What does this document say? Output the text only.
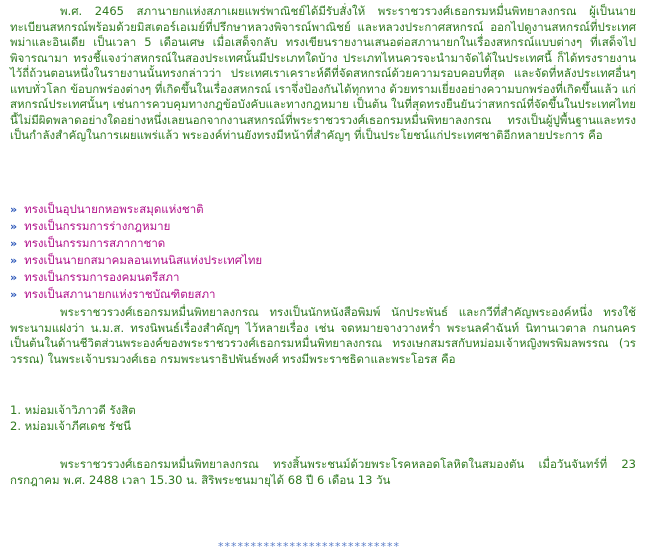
พ.ศ. 2465 สภานายกแห่งสภาเผยแพร่พาณิชย์ได้มีรับสั่งให้ พระราชวรวงศ์เธอกรมหมื่นพิทยาลงกรณ ผู้เป็นนายทะเบียนสหกรณ์พร้อมด้วยมิสเตอร์เอเมย์ที่ปรึกษาหลวงพิจารณ์พาณิชย์ และหลวงประกาศสหกรณ์ ออกไปดูงานสหกรณ์ที่ประเทศพม่าและอินเดีย เป็นเวลา 5 เดือนเศษ เมื่อเสด็จกลับ ทรงเขียนรายงานเสนอต่อสภานายกในเรื่องสหกรณ์แบบต่างๆ ที่เสด็จไปพิจารณามา ทรงชี้แจงว่าสหกรณ์ในสองประเทศนั้นมีประเภทใดบ้าง ประเภทไหนควรจะนำมาจัดได้ในประเทศนี้ ก็ได้ทรงรายงานไว้ถี่ถ้วนตอนหนึ่งในรายงานนั้นทรงกล่าวว่า ประเทศเราเคราะห์ดีที่จัดสหกรณ์ด้วยความรอบคอบที่สุด และจัดที่หลังประเทศอื่นๆ แทบทั่วโลก ข้อบกพร่องต่างๆ ที่เกิดขึ้นในเรื่องสหกรณ์ เราจึ่งป้องกันได้ทุกทาง ด้วยทรามเยี่ยงอย่างความบกพร่องที่เกิดขึ้นแล้ว แก่สหกรณ์ประเทศนั้นๆ เช่นการควบคุมทางกฎข้อบังคับและทางกฎหมาย เป็นต้น ในที่สุดทรงยืนยันว่าสหกรณ์ที่จัดขึ้นในประเทศไทยนี้ไม่มีผิดพลาดอย่างใดอย่างหนึ่งเลยนอกจากงานสหกรณ์ที่พระราชวรวงศ์เธอกรมหมื่นพิทยาลงกรณ ทรงเป็นผู้ปูพื้นฐานและทรงเป็นกำลังสำคัญในการเผยแพร่แล้ว พระองค์ท่านยังทรงมีหน้าที่สำคัญๆ ที่เป็นประโยชน์แก่ประเทศชาติอีกหลายประการ คือ

» ทรงเป็นอุปนายกหอพระสมุดแห่งชาติ
» ทรงเป็นกรรมการร่างกฎหมาย
» ทรงเป็นกรรมการสภากาชาด
» ทรงเป็นนายกสมาคมลอนเทนนิสแห่งประเทศไทย
» ทรงเป็นกรรมการองคมนตรีสภา
» ทรงเป็นสภานายกแห่งราชบัณฑิตยสภา

พระราชวรวงศ์เธอกรมหมื่นพิทยาลงกรณ ทรงเป็นนักหนังสือพิมพ์ นักประพันธ์ และกวีที่สำคัญพระองค์หนึ่ง ทรงใช้พระนามแฝงว่า น.ม.ส. ทรงนิพนธ์เรื่องสำคัญๆ ไว้หลายเรื่อง เช่น จดหมายจางวางหร่ำ พระนลคำฉันท์ นิทานเวตาล กนกนคร เป็นต้นในด้านชีวิตส่วนพระองค์ของพระราชวรวงศ์เธอกรมหมื่นพิทยาลงกรณ ทรงเษกสมรสกับหม่อมเจ้าหญิงพรพิมลพรรณ (วรวรรณ) ในพระเจ้าบรมวงศ์เธอ กรมพระนราธิปพันธ์พงศ์ ทรงมีพระราชธิดาและพระโอรส คือ

1. หม่อมเจ้าวิภาวดี รังสิต
2. หม่อมเจ้าภีศเดช รัชนี

พระราชวรวงศ์เธอกรมหมื่นพิทยาลงกรณ ทรงสิ้นพระชนม์ด้วยพระโรคหลอดโลหิตในสมองตัน เมื่อวันจันทร์ที่ 23 กรกฎาคม พ.ศ. 2488 เวลา 15.30 น. สิริพระชนมายุได้ 68 ปี 6 เดือน 13 วัน

****************************
